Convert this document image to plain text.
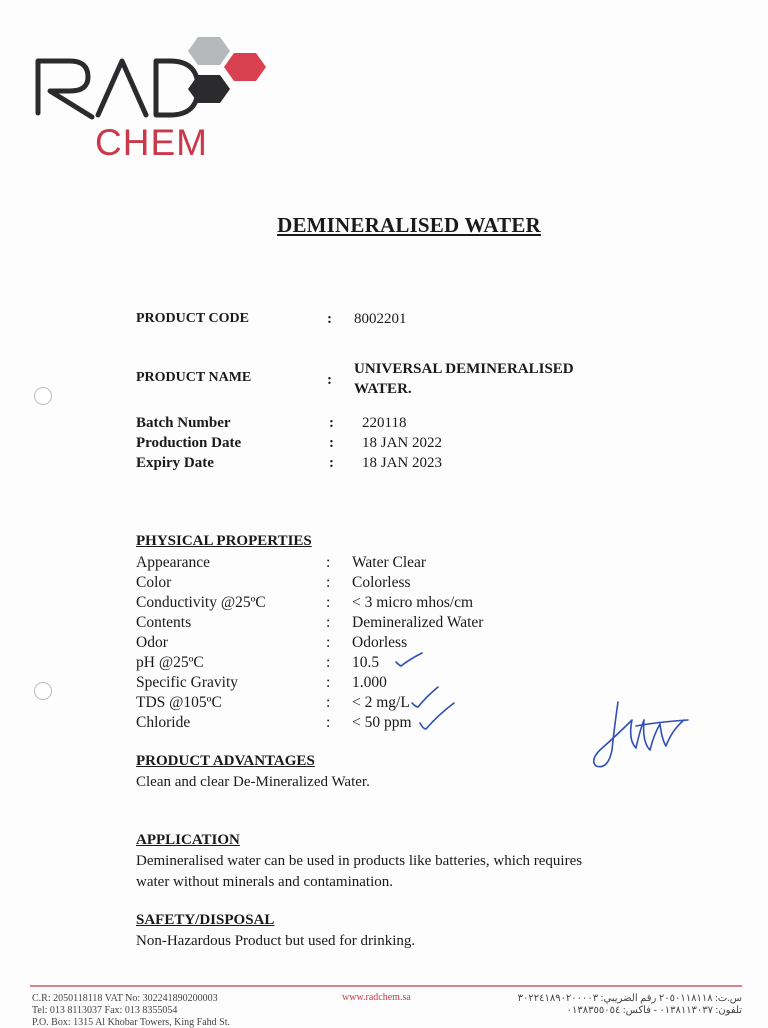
CHEM
DEMINERALISED WATER
PRODUCT CODE	: 8002201
PRODUCT NAME	:
UNIVERSAL DEMINERALISED
WATER.
Batch Number	: 220118
Production Date	: 18 JAN 2022
Expiry Date	: 18 JAN 2023
PHYSICAL PROPERTIES
Appearance	: Water Clear
Color	: Colorless
Conductivity @25ºC	: < 3 micro mhos/cm
Contents	: Demineralized Water
Odor	: Odorless
pH @25ºC	: 10.5
Specific Gravity	: 1.000
TDS @105ºC	: < 2 mg/L
Chloride	: < 50 ppm
PRODUCT ADVANTAGES
Clean and clear De-Mineralized Water.
APPLICATION
Demineralised water can be used in products like batteries, which requires
water without minerals and contamination.
SAFETY/DISPOSAL
Non-Hazardous Product but used for drinking.
C.R: 2050118118 VAT No: 302241890200003
Tel: 013 8113037 Fax: 013 8355054
P.O. Box: 1315 Al Khobar Towers, King Fahd St.
www.radchem.sa	س.ت: ٢٠٥٠١١٨١١٨ رقم الضريبي: ٣٠٢٢٤١٨٩٠٢٠٠٠٠٣
تلفون: ٠١٣٨١١٣٠٣٧ - فاكس: ٠١٣٨٣٥٥٠٥٤
